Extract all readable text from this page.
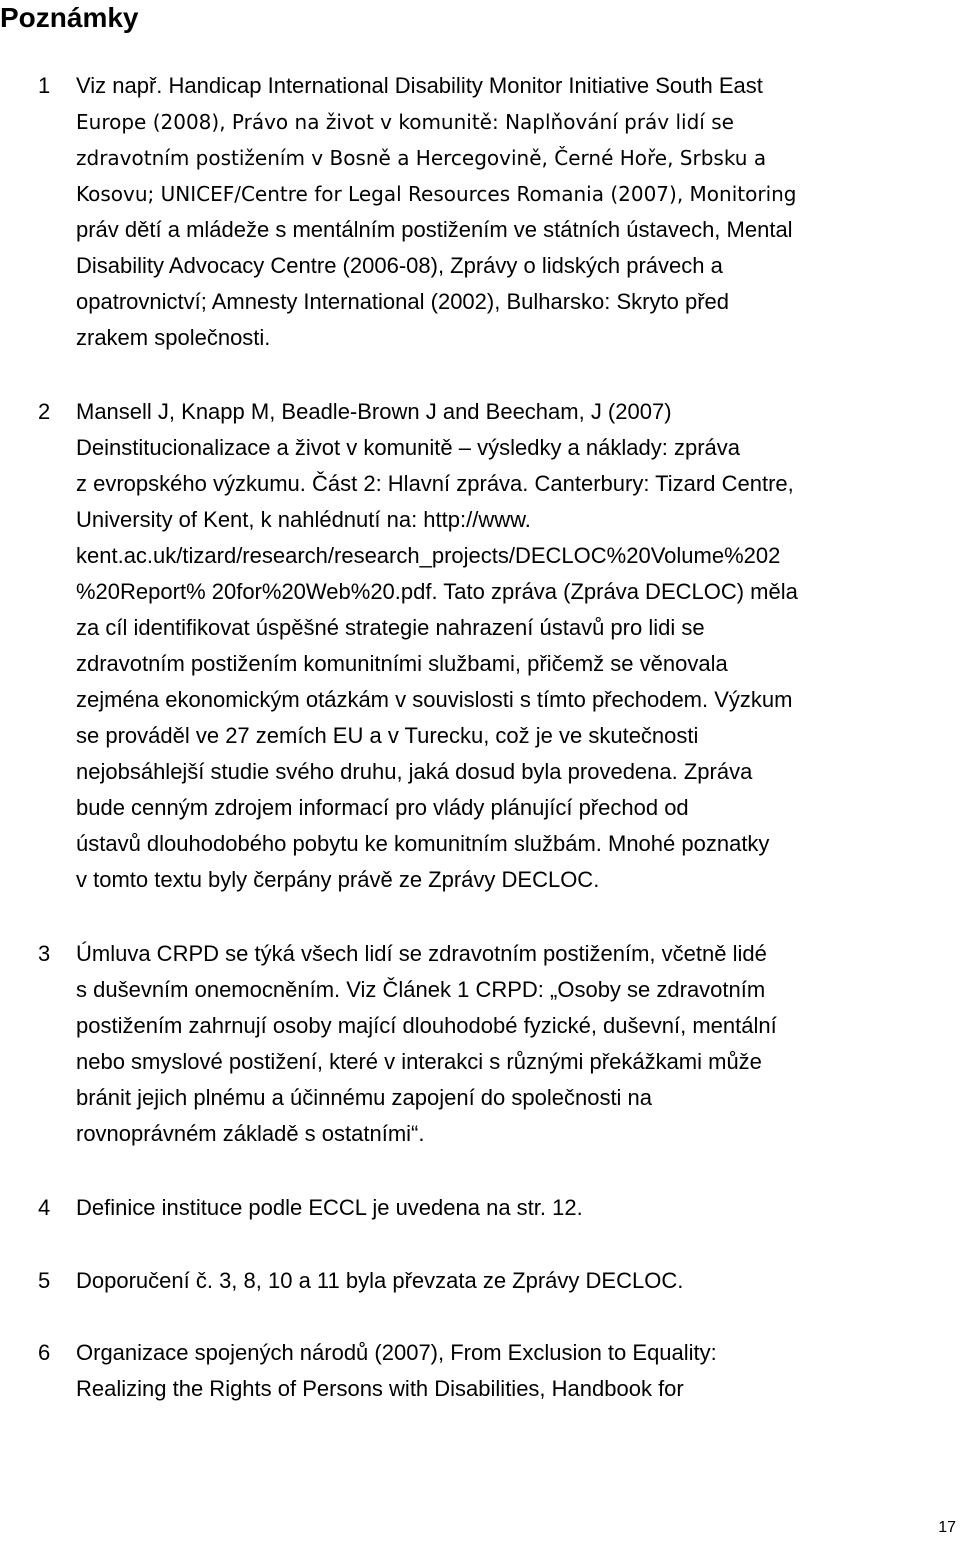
Poznámky
1 Viz např. Handicap International Disability Monitor Initiative South East
Europe (2008), Právo na život v komunitě: Naplňování práv lidí se
zdravotním postižením v Bosně a Hercegovině, Černé Hoře, Srbsku a
Kosovu; UNICEF/Centre for Legal Resources Romania (2007), Monitoring
práv dětí a mládeže s mentálním postižením ve státních ústavech, Mental
Disability Advocacy Centre (2006-08), Zprávy o lidských právech a
opatrovnictví; Amnesty International (2002), Bulharsko: Skryto před
zrakem společnosti.
2 Mansell J, Knapp M, Beadle-Brown J and Beecham, J (2007)
Deinstitucionalizace a život v komunitě – výsledky a náklady: zpráva
z evropského výzkumu. Část 2: Hlavní zpráva. Canterbury: Tizard Centre,
University of Kent, k nahlédnutí na: http://www.
kent.ac.uk/tizard/research/research_projects/DECLOC%20Volume%202
%20Report% 20for%20Web%20.pdf. Tato zpráva (Zpráva DECLOC) měla
za cíl identifikovat úspěšné strategie nahrazení ústavů pro lidi se
zdravotním postižením komunitními službami, přičemž se věnovala
zejména ekonomickým otázkám v souvislosti s tímto přechodem. Výzkum
se prováděl ve 27 zemích EU a v Turecku, což je ve skutečnosti
nejobsáhlejší studie svého druhu, jaká dosud byla provedena. Zpráva
bude cenným zdrojem informací pro vlády plánující přechod od
ústavů dlouhodobého pobytu ke komunitním službám. Mnohé poznatky
v tomto textu byly čerpány právě ze Zprávy DECLOC.
3 Úmluva CRPD se týká všech lidí se zdravotním postižením, včetně lidé
s duševním onemocněním. Viz Článek 1 CRPD: „Osoby se zdravotním
postižením zahrnují osoby mající dlouhodobé fyzické, duševní, mentální
nebo smyslové postižení, které v interakci s různými překážkami může
bránit jejich plnému a účinnému zapojení do společnosti na
rovnoprávném základě s ostatními“.
4 Definice instituce podle ECCL je uvedena na str. 12.
5 Doporučení č. 3, 8, 10 a 11 byla převzata ze Zprávy DECLOC.
6 Organizace spojených národů (2007), From Exclusion to Equality:
Realizing the Rights of Persons with Disabilities, Handbook for
17
